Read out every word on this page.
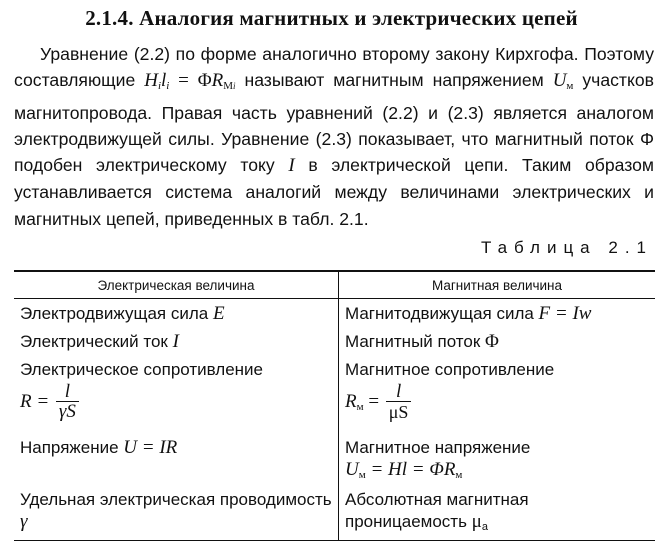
2.1.4. Аналогия магнитных и электрических цепей

Уравнение (2.2) по форме аналогично второму закону Кирхгофа. Поэтому составляющие $H_il_i = \Phi RM_i$ называют магнитным напряжением Uм участков магнитопровода. Правая часть уравнений (2.2) и (2.3) является аналогом электродвижущей силы. Уравнение (2.3) показывает, что магнитный поток Φ подобен электрическому току I в электрической цепи. Таким образом устанавливается система аналогий между величинами электрических и магнитных цепей, приведенных в табл. 2.1.

Таблица 2.1
Электрическая величина	Магнитная величина
Электродвижущая сила E	Магнитодвижущая сила F = Iw
Электрический ток I	Магнитный поток Φ
Электрическое сопротивление	Магнитное сопротивление
$R = \frac{l}{\gamma S}$	Rм = $\frac{l}{\mu S}$

Напряжение U = IR	Магнитное напряжение
Uм = Hl = ΦRм
Удельная электрическая проводимость γ	Абсолютная магнитная проницаемость μa
